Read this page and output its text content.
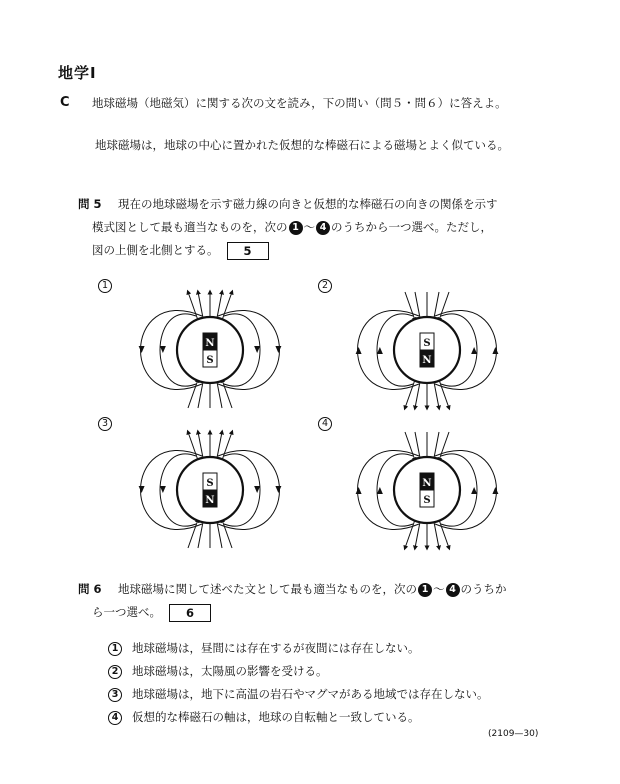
地学Ⅰ
C 地球磁場（地磁気）に関する次の文を読み，下の問い（問５・問６）に答えよ。
地球磁場は，地球の中心に置かれた仮想的な棒磁石による磁場とよく似ている。
問 5 現在の地球磁場を示す磁力線の向きと仮想的な棒磁石の向きの関係を示す
模式図として最も適当なものを，次の 1 ～ 4 のうちから一つ選べ。ただし，
図の上側を北側とする。 5
N
S
S
N
S
N
N
S
1	2
3	4
問 6 地球磁場に関して述べた文として最も適当なものを，次の 1 ～ 4 のうちか
ら一つ選べ。 6
1 地球磁場は，昼間には存在するが夜間には存在しない。
2 地球磁場は，太陽風の影響を受ける。
3 地球磁場は，地下に高温の岩石やマグマがある地域では存在しない。
4 仮想的な棒磁石の軸は，地球の自転軸と一致している。
(2109—30)
